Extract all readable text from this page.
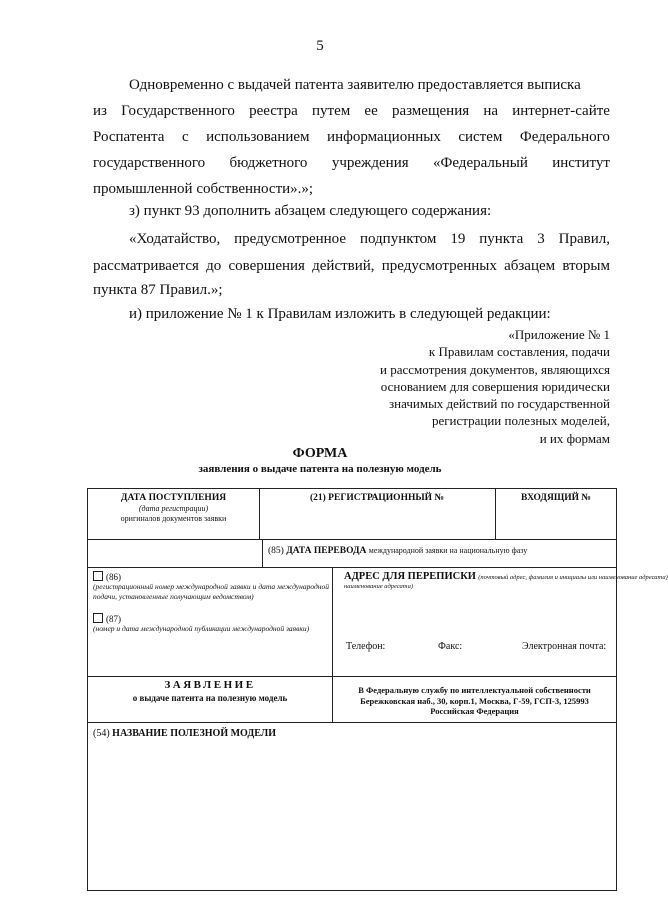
5
Одновременно с выдачей патента заявителю предоставляется выписка
из Государственного реестра путем ее размещения на интернет-сайте
Роспатента с использованием информационных систем Федерального
государственного бюджетного учреждения «Федеральный институт
промышленной собственности».»;
з) пункт 93 дополнить абзацем следующего содержания:
«Ходатайство, предусмотренное подпунктом 19 пункта 3 Правил,
рассматривается до совершения действий, предусмотренных абзацем вторым
пункта 87 Правил.»;
и) приложение № 1 к Правилам изложить в следующей редакции:
«Приложение № 1
к Правилам составления, подачи
и рассмотрения документов, являющихся
основанием для совершения юридически
значимых действий по государственной
регистрации полезных моделей,
и их формам
ФОРМА
заявления о выдаче патента на полезную модель
ДАТА ПОСТУПЛЕНИЯ
(дата регистрации)
оригиналов документов заявки
(21) РЕГИСТРАЦИОННЫЙ №	ВХОДЯЩИЙ №
(85) ДАТА ПЕРЕВОДА международной заявки на национальную фазу
(86)
(регистрационный номер международной заявки и дата международной подачи, установленные получающим ведомством)
(87)
(номер и дата международной публикации международной заявки)
АДРЕС ДЛЯ ПЕРЕПИСКИ (почтовый адрес, фамилия и инициалы или наименование адресата)
наименование адресата)
Телефон:	Факс:	Электронная почта:
ЗАЯВЛЕНИЕ
о выдаче патента на полезную модель
В Федеральную службу по интеллектуальной собственности
Бережковская наб., 30, корп.1, Москва, Г-59, ГСП-3, 125993
Российская Федерация
(54) НАЗВАНИЕ ПОЛЕЗНОЙ МОДЕЛИ
